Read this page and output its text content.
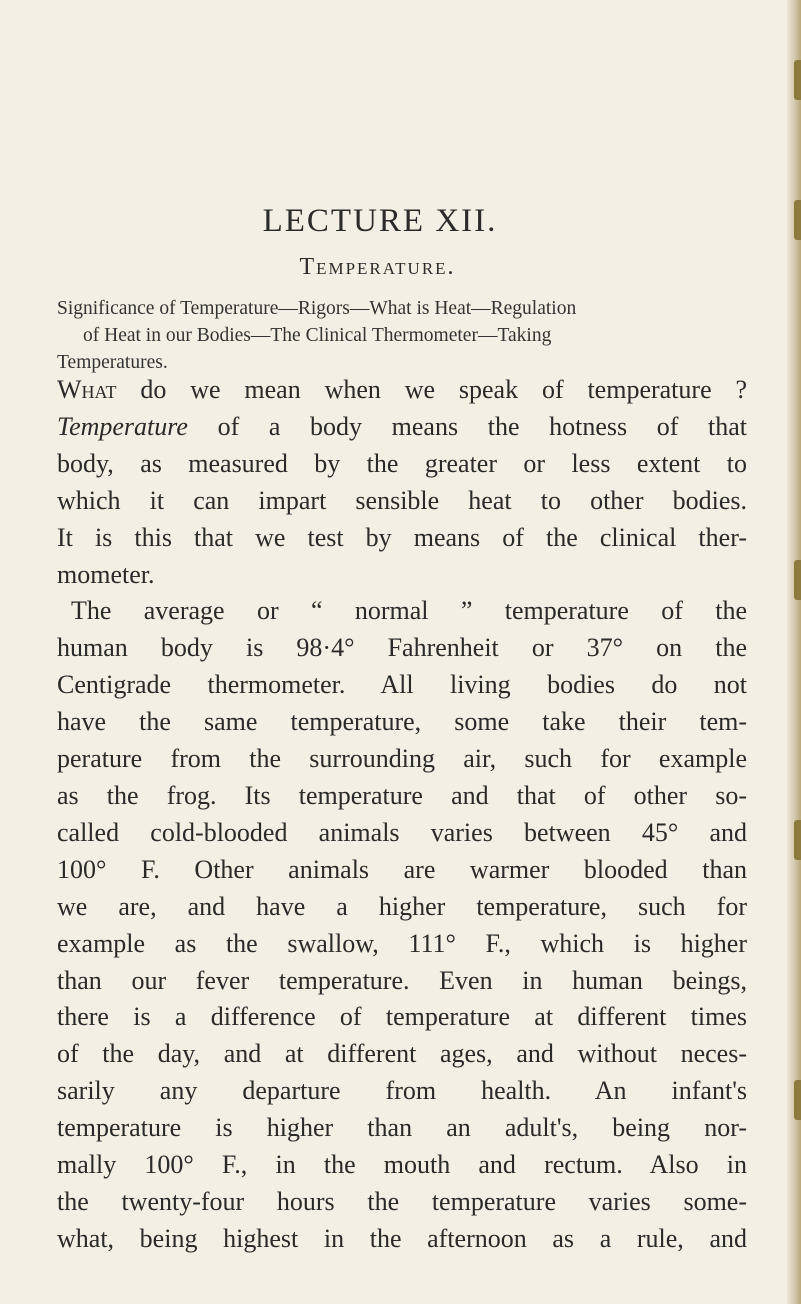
LECTURE XII.
Temperature.
Significance of Temperature—Rigors—What is Heat—Regulation
of Heat in our Bodies—The Clinical Thermometer—Taking
Temperatures.
What do we mean when we speak of temperature ?
Temperature of a body means the hotness of that
body, as measured by the greater or less extent to
which it can impart sensible heat to other bodies.
It is this that we test by means of the clinical ther-
mometer.
The average or “ normal ” temperature of the
human body is 98·4° Fahrenheit or 37° on the
Centigrade thermometer. All living bodies do not
have the same temperature, some take their tem-
perature from the surrounding air, such for example
as the frog. Its temperature and that of other so-
called cold-blooded animals varies between 45° and
100° F. Other animals are warmer blooded than
we are, and have a higher temperature, such for
example as the swallow, 111° F., which is higher
than our fever temperature. Even in human beings,
there is a difference of temperature at different times
of the day, and at different ages, and without neces-
sarily any departure from health. An infant's
temperature is higher than an adult's, being nor-
mally 100° F., in the mouth and rectum. Also in
the twenty-four hours the temperature varies some-
what, being highest in the afternoon as a rule, and
